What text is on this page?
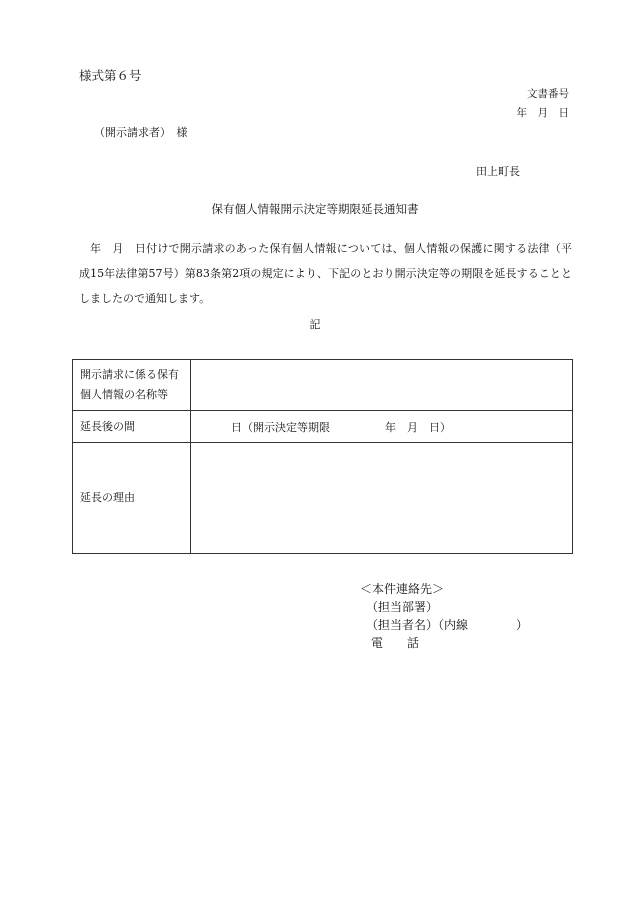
様式第６号
文書番号
年　月　日
（開示請求者）　様
田上町長
保有個人情報開示決定等期限延長通知書
年　月　日付けで開示請求のあった保有個人情報については、個人情報の保護に関する法律（平成15年法律第57号）第83条第2項の規定により、下記のとおり開示決定等の期限を延長することとしましたので通知します。
記
開示請求に係る保有個人情報の名称等	
延長後の間	日（開示決定等期限　　　　　年　月　日）
延長の理由	
＜本件連絡先＞
（担当部署）
（担当者名）（内線　　　　）
電　　話
